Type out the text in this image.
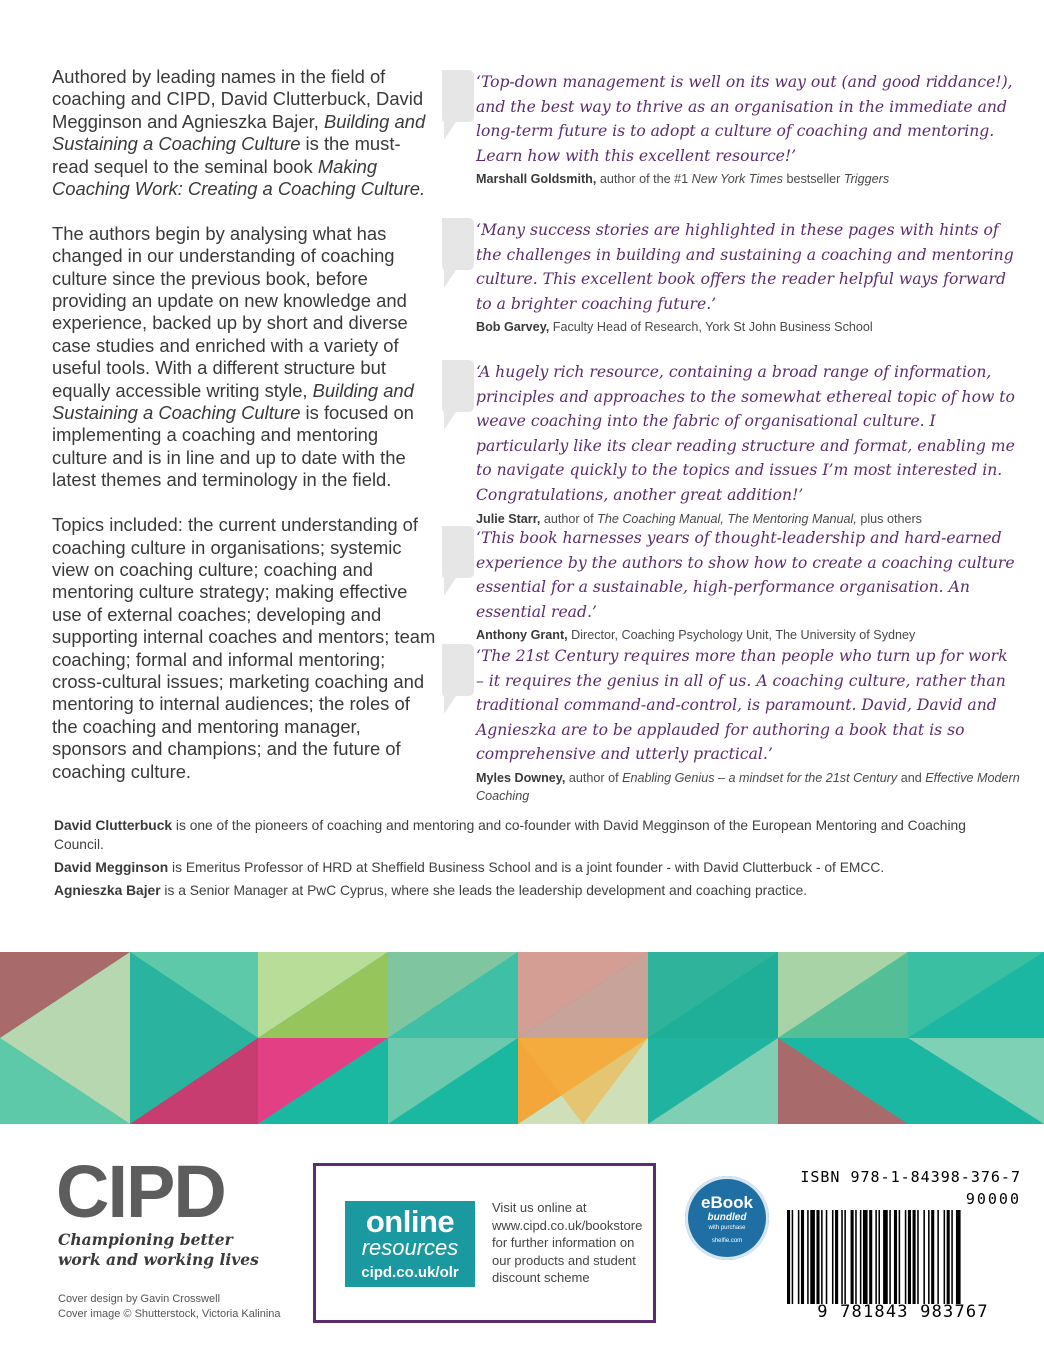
Authored by leading names in the field of coaching and CIPD, David Clutterbuck, David Megginson and Agnieszka Bajer, Building and Sustaining a Coaching Culture is the must-read sequel to the seminal book Making Coaching Work: Creating a Coaching Culture.

The authors begin by analysing what has changed in our understanding of coaching culture since the previous book, before providing an update on new knowledge and experience, backed up by short and diverse case studies and enriched with a variety of useful tools. With a different structure but equally accessible writing style, Building and Sustaining a Coaching Culture is focused on implementing a coaching and mentoring culture and is in line and up to date with the latest themes and terminology in the field.

Topics included: the current understanding of coaching culture in organisations; systemic view on coaching culture; coaching and mentoring culture strategy; making effective use of external coaches; developing and supporting internal coaches and mentors; team coaching; formal and informal mentoring; cross-cultural issues; marketing coaching and mentoring to internal audiences; the roles of the coaching and mentoring manager, sponsors and champions; and the future of coaching culture.

‘Top-down management is well on its way out (and good riddance!), and the best way to thrive as an organisation in the immediate and long-term future is to adopt a culture of coaching and mentoring. Learn how with this excellent resource!’
Marshall Goldsmith, author of the #1 New York Times bestseller Triggers
‘Many success stories are highlighted in these pages with hints of the challenges in building and sustaining a coaching and mentoring culture. This excellent book offers the reader helpful ways forward to a brighter coaching future.’
Bob Garvey, Faculty Head of Research, York St John Business School
‘A hugely rich resource, containing a broad range of information, principles and approaches to the somewhat ethereal topic of how to weave coaching into the fabric of organisational culture. I particularly like its clear reading structure and format, enabling me to navigate quickly to the topics and issues I’m most interested in. Congratulations, another great addition!’
Julie Starr, author of The Coaching Manual, The Mentoring Manual, plus others
‘This book harnesses years of thought-leadership and hard-earned experience by the authors to show how to create a coaching culture essential for a sustainable, high-performance organisation. An essential read.’
Anthony Grant, Director, Coaching Psychology Unit, The University of Sydney
‘The 21st Century requires more than people who turn up for work – it requires the genius in all of us. A coaching culture, rather than traditional command-and-control, is paramount. David, David and Agnieszka are to be applauded for authoring a book that is so comprehensive and utterly practical.’
Myles Downey, author of Enabling Genius – a mindset for the 21st Century and Effective Modern Coaching

David Clutterbuck is one of the pioneers of coaching and mentoring and co-founder with David Megginson of the European Mentoring and Coaching Council.

David Megginson is Emeritus Professor of HRD at Sheffield Business School and is a joint founder - with David Clutterbuck - of EMCC.

Agnieszka Bajer is a Senior Manager at PwC Cyprus, where she leads the leadership development and coaching practice.

CIPD
Championing better
work and working lives
Cover design by Gavin Crosswell
Cover image © Shutterstock, Victoria Kalinina
online
resources
cipd.co.uk/olr
Visit us online at www.cipd.co.uk/bookstore for further information on our products and student discount scheme
eBook
bundled
with purchase
shelfie.com
ISBN 978-1-84398-376-7
90000
9 781843 983767
